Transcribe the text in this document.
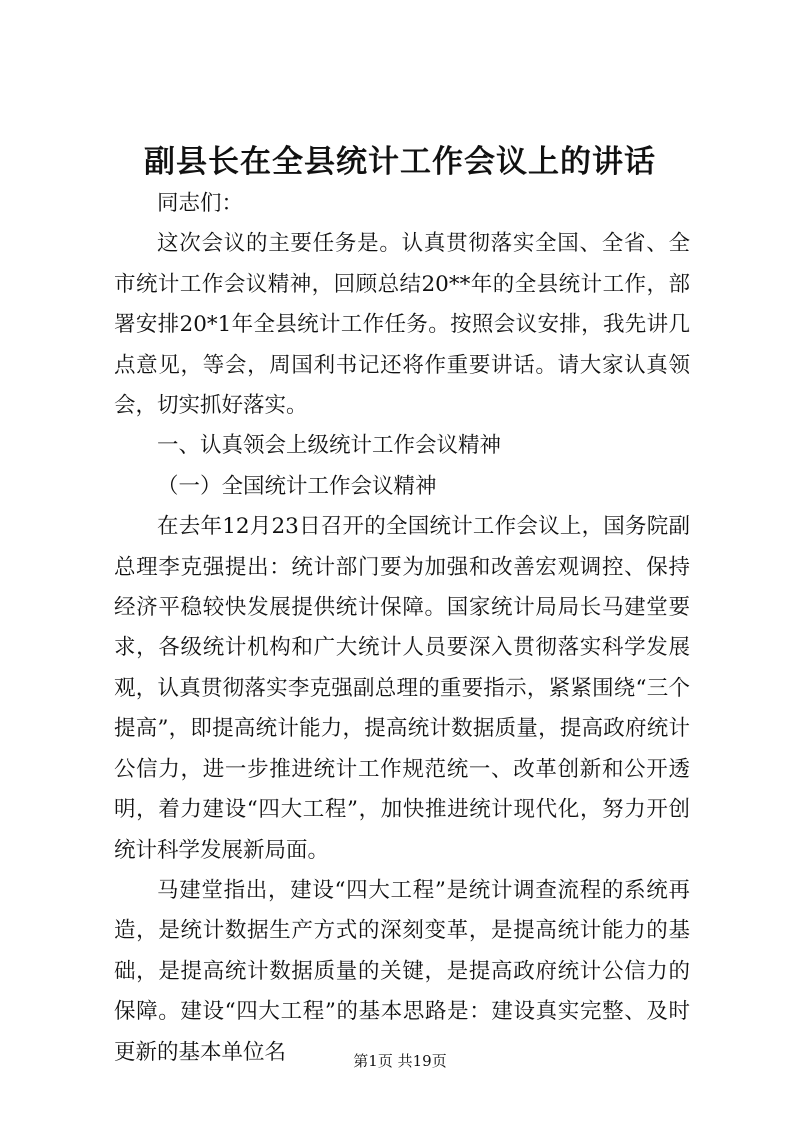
副县长在全县统计工作会议上的讲话

同志们：

这次会议的主要任务是。认真贯彻落实全国、全省、全市统计工作会议精神，回顾总结20**年的全县统计工作，部署安排20*1年全县统计工作任务。按照会议安排，我先讲几点意见，等会，周国利书记还将作重要讲话。请大家认真领会，切实抓好落实。

一、认真领会上级统计工作会议精神

（一）全国统计工作会议精神

在去年12月23日召开的全国统计工作会议上，国务院副总理李克强提出：统计部门要为加强和改善宏观调控、保持经济平稳较快发展提供统计保障。国家统计局局长马建堂要求，各级统计机构和广大统计人员要深入贯彻落实科学发展观，认真贯彻落实李克强副总理的重要指示，紧紧围绕“三个提高”，即提高统计能力，提高统计数据质量，提高政府统计公信力，进一步推进统计工作规范统一、改革创新和公开透明，着力建设“四大工程”，加快推进统计现代化，努力开创统计科学发展新局面。

马建堂指出，建设“四大工程”是统计调查流程的系统再造，是统计数据生产方式的深刻变革，是提高统计能力的基础，是提高统计数据质量的关键，是提高政府统计公信力的保障。建设“四大工程”的基本思路是：建设真实完整、及时更新的基本单位名	第1页 共19页
